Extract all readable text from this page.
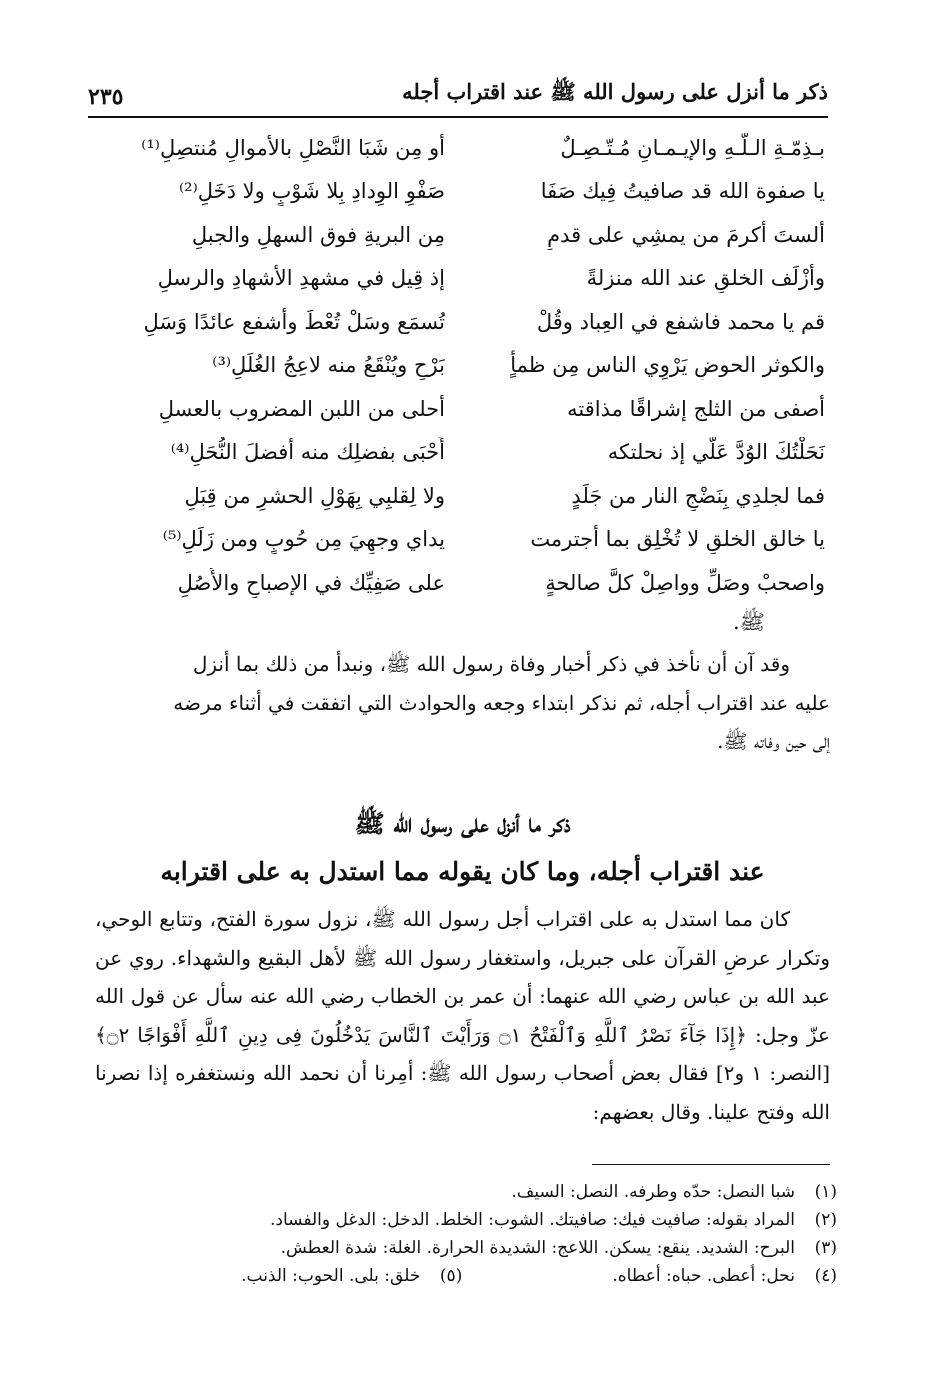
ذكر ما أنزل على رسول الله ﷺ عند اقتراب أجله
٢٣٥
بـذِمّـةِ الـلّـهِ والإيـمـانِ مُـتّـصِـلٌ
أو مِن شَبَا النَّصْلِ بالأموالِ مُنتصِلِ⁽¹⁾
يا صفوة الله قد صافيتُ فِيك صَفَا
صَفْوِ الوِدادِ بِلا شَوْبٍ ولا دَخَلِ⁽²⁾
ألستَ أكرمَ من يمشِي على قدمِ
مِن البريةِ فوق السهلِ والجبلِ
وأزْلَف الخلقِ عند الله منزلةً
إذ قِيل في مشهدِ الأشهادِ والرسلِ
قم يا محمد فاشفع في العِباد وقُلْ
تُسمَع وسَلْ تُعْطَ وأشفع عائدًا وَسَلِ
والكوثر الحوضِ يَرْوِي الناس مِن ظمأٍ
بَرْحٍ ويُنْقَعُ منه لاعِجُ الغُلَلِ⁽³⁾
أصفى من الثلج إشراقًا مذاقته
أحلى من اللبن المضروب بالعسلِ
نَحَلْتُكَ الوُدَّ عَلّي إذ نحلتكه
أُحْبَى بفضلِك منه أفضلَ النُّحَلِ⁽⁴⁾
فما لجلدِي بِنَضْجِ النار من جَلَدٍ
ولا لِقلبِي بِهَوْلِ الحشرِ من قِبَلِ
يا خالق الخلقِ لا تُخْلِق بما أجترمت
يداي وجهِيَ مِن حُوبٍ ومن زَلَلِ⁽⁵⁾
واصحبْ وصَلِّ وواصِلْ كلَّ صالحةٍ
على صَفِيِّك في الإصباحِ والأُصُلِ
ﷺ.
وقد آن أن نأخذ في ذكر أخبار وفاة رسول الله ﷺ، ونبدأ من ذلك بما أنزل
عليه عند اقتراب أجله، ثم نذكر ابتداء وجعه والحوادث التي اتفقت في أثناء مرضه
إلى حين وفاته ﷺ.
ذكر ما أنزل على رسول الله ﷺ
عند اقتراب أجله، وما كان يقوله مما استدل به على اقترابه

كان مما استدل به على اقتراب أجل رسول الله ﷺ، نزول سورة الفتح، وتتابع الوحي، وتكرار عرضِ القرآن على جبريل، واستغفار رسول الله ﷺ لأهل البقيع والشهداء. روي عن عبد الله بن عباس رضي الله عنهما: أن عمر بن الخطاب رضي الله عنه سأل عن قول الله عزّ وجل: ﴿إِذَا جَآءَ نَصْرُ ٱللَّهِ وَٱلْفَتْحُ ۝١ وَرَأَيْتَ ٱلنَّاسَ يَدْخُلُونَ فِى دِينِ ٱللَّهِ أَفْوَاجًا ۝٢﴾ [النصر: ١ و٢] فقال بعض أصحاب رسول الله ﷺ: أمِرنا أن نحمد الله ونستغفره إذا نصرنا الله وفتح علينا. وقال بعضهم:

(١)
شبا النصل: حدّه وطرفه. النصل: السيف.
(٢)
المراد بقوله: صافيت فيك: صافيتك. الشوب: الخلط. الدخل: الدغل والفساد.
(٣)
البرح: الشديد. ينقع: يسكن. اللاعج: الشديدة الحرارة. الغلة: شدة العطش.
(٤)
نحل: أعطى. حباه: أعطاه.
(٥)
خلق: بلى. الحوب: الذنب.
